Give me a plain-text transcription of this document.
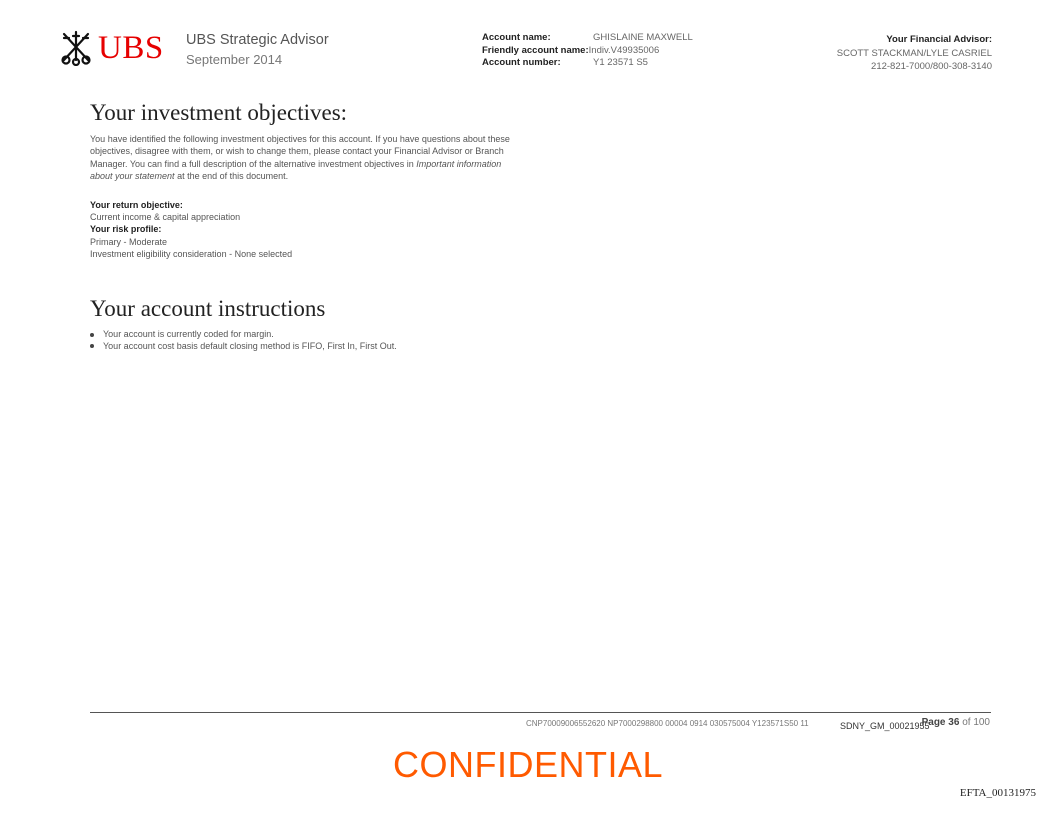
UBS UBS Strategic Advisor
September 2014
Account name:	GHISLAINE MAXWELL
Friendly account name: Indiv.V49935006
Account number:	Y1 23571 S5
Your Financial Advisor:
SCOTT STACKMAN/LYLE CASRIEL
212-821-7000/800-308-3140
Your investment objectives:
You have identified the following investment objectives for this account. If you have questions about these objectives, disagree with them, or wish to change them, please contact your Financial Advisor or Branch Manager. You can find a full description of the alternative investment objectives in Important information about your statement at the end of this document.
Your return objective:
Current income & capital appreciation
Your risk profile:
Primary - Moderate
Investment eligibility consideration - None selected
Your account instructions
Your account is currently coded for margin.
Your account cost basis default closing method is FIFO, First In, First Out.
CNP70009006552620 NP7000298800 00004 0914 030575004 Y123571S50 11	SDNY_GM_00021955
Page 36 of 100
CONFIDENTIAL
EFTA_00131975
